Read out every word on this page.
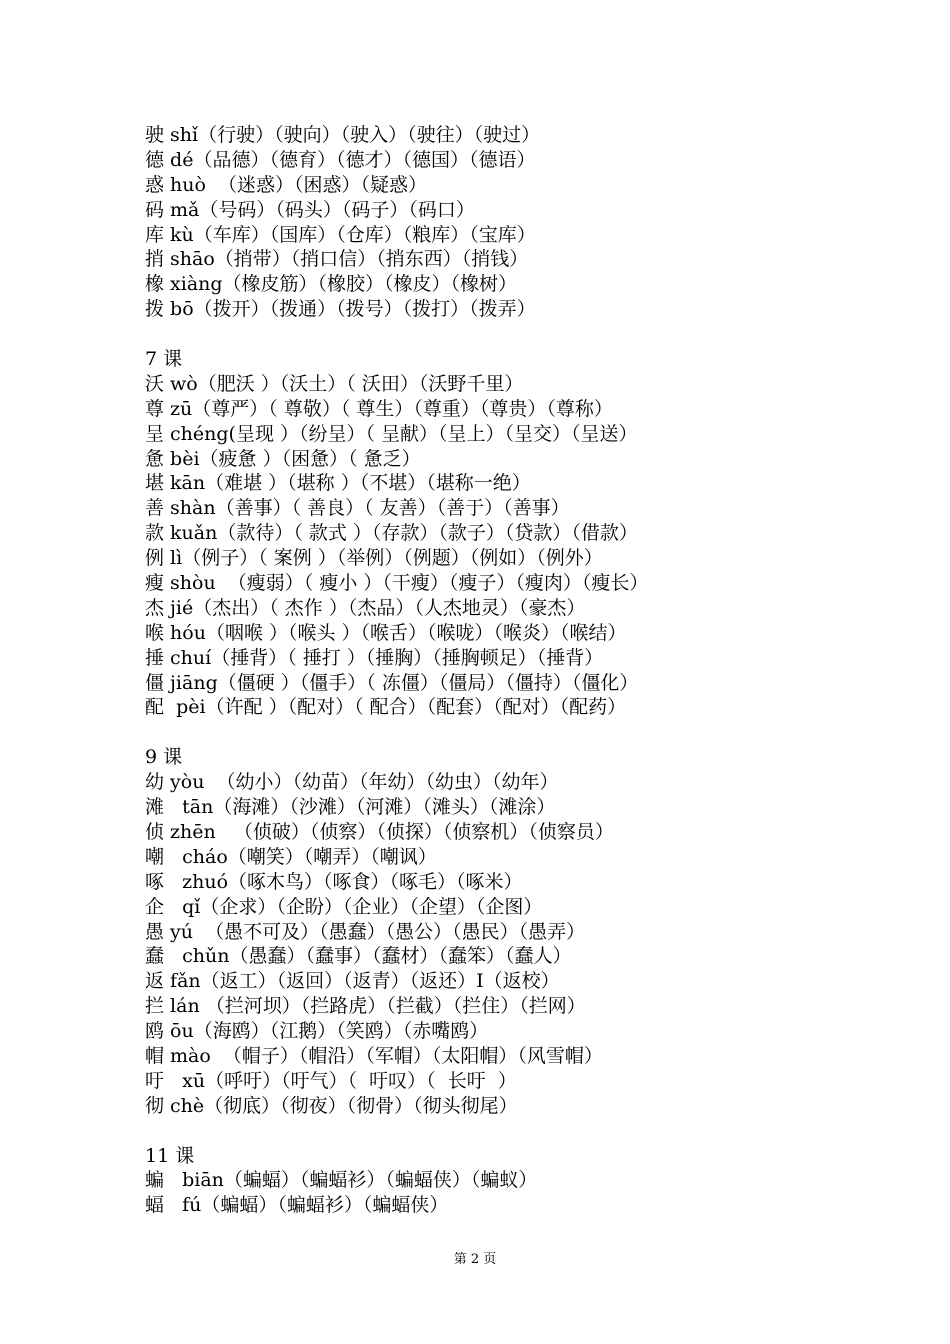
驶 shǐ（行驶）（驶向）（驶入）（驶往）（驶过）
德 dé（品德）（德育）（德才）（德国）（德语）
惑 huò  （迷惑）（困惑）（疑惑）
码 mǎ（号码）（码头）（码子）（码口）
库 kù（车库）（国库）（仓库）（粮库）（宝库）
捎 shāo（捎带）（捎口信）（捎东西）（捎钱）
橡 xiàng（橡皮筋）（橡胶）（橡皮）（橡树）
拨 bō（拨开）（拨通）（拨号）（拨打）（拨弄）
7 课
沃 wò（肥沃 ）（沃土）（ 沃田）（沃野千里）
尊 zū（尊严）（ 尊敬）（ 尊生）（尊重）（尊贵）（尊称）
呈 chéng(呈现 ）（纷呈）（ 呈献）（呈上）（呈交）（呈送）
惫 bèi（疲惫 ）（困惫）（ 惫乏）
堪 kān（难堪 ）（堪称 ）（不堪）（堪称一绝）
善 shàn（善事）（ 善良）（ 友善）（善于）（善事）
款 kuǎn（款待）（ 款式 ）（存款）（款子）（贷款）（借款）
例 lì（例子）（ 案例 ）（举例）（例题）（例如）（例外）
瘦 shòu  （瘦弱）（ 瘦小 ）（干瘦）（瘦子）（瘦肉）（瘦长）
杰 jié（杰出）（ 杰作 ）（杰品）（人杰地灵）（豪杰）
喉 hóu（咽喉 ）（喉头 ）（喉舌）（喉咙）（喉炎）（喉结）
捶 chuí（捶背）（ 捶打 ）（捶胸）（捶胸顿足）（捶背）
僵 jiāng（僵硬 ）（僵手）（ 冻僵）（僵局）（僵持）（僵化）
配  pèi（许配 ）（配对）（ 配合）（配套）（配对）（配药）
9 课
幼 yòu  （幼小）（幼苗）（年幼）（幼虫）（幼年）
滩   tān（海滩）（沙滩）（河滩）（滩头）（滩涂）
侦 zhēn   （侦破）（侦察）（侦探）（侦察机）（侦察员）
嘲   cháo（嘲笑）（嘲弄）（嘲讽）
啄   zhuó（啄木鸟）（啄食）（啄毛）（啄米）
企   qǐ（企求）（企盼）（企业）（企望）（企图）
愚 yú  （愚不可及）（愚蠢）（愚公）（愚民）（愚弄）
蠢   chǔn（愚蠢）（蠢事）（蠢材）（蠢笨）（蠢人）
返 fǎn（返工）（返回）（返青）（返还）I（返校）
拦 lán （拦河坝）（拦路虎）（拦截）（拦住）（拦网）
鸥 ōu（海鸥）（江鹅）（笑鸥）（赤嘴鸥）
帽 mào  （帽子）（帽沿）（军帽）（太阳帽）（风雪帽）
吁   xū（呼吁）（吁气）（  吁叹）（  长吁  ）
彻 chè（彻底）（彻夜）（彻骨）（彻头彻尾）
11 课
蝙   biān（蝙蝠）（蝙蝠衫）（蝙蝠侠）（蝙蚁）
蝠   fú（蝙蝠）（蝙蝠衫）（蝙蝠侠）
第 2 页
